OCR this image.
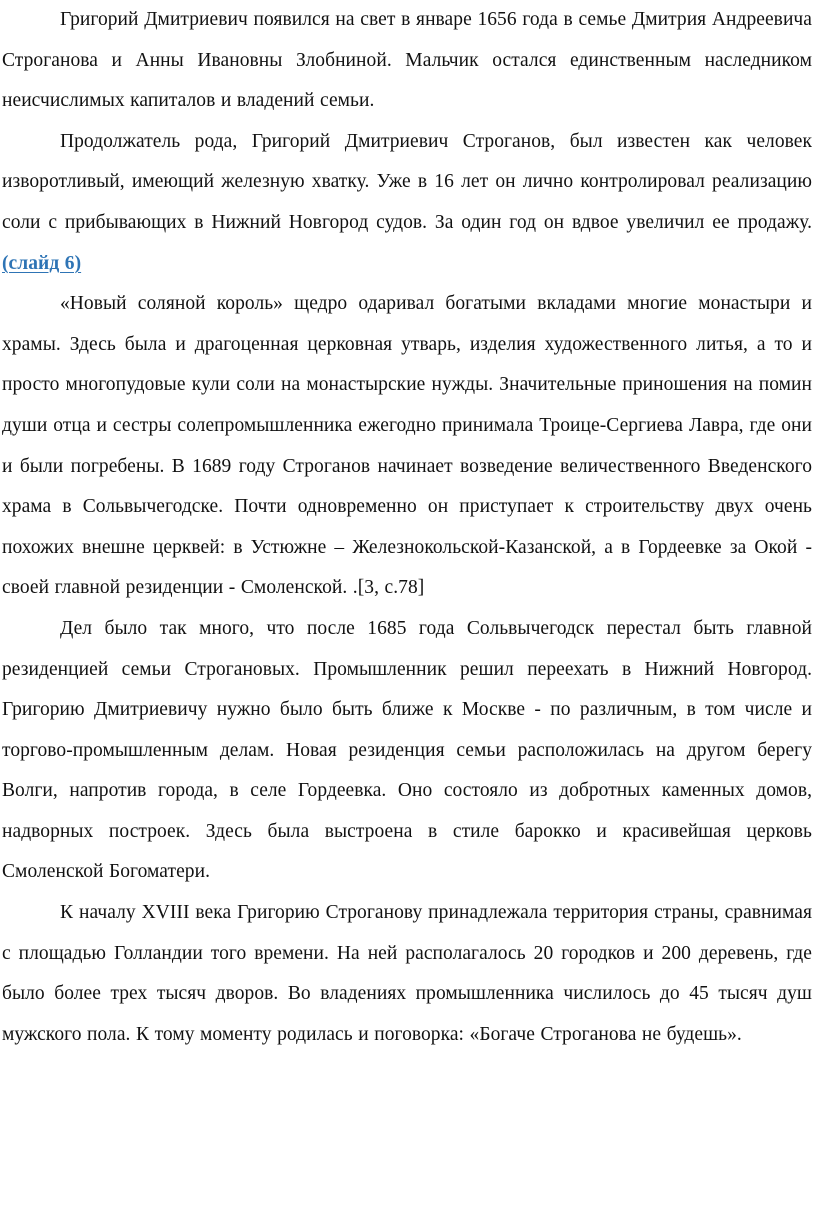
Григорий Дмитриевич появился на свет в январе 1656 года в семье Дмитрия Андреевича Строганова и Анны Ивановны Злобниной. Мальчик остался единственным наследником неисчислимых капиталов и владений семьи.

Продолжатель рода, Григорий Дмитриевич Строганов, был известен как человек изворотливый, имеющий железную хватку. Уже в 16 лет он лично контролировал реализацию соли с прибывающих в Нижний Новгород судов. За один год он вдвое увеличил ее продажу. (слайд 6)

«Новый соляной король» щедро одаривал богатыми вкладами многие монастыри и храмы. Здесь была и драгоценная церковная утварь, изделия художественного литья, а то и просто многопудовые кули соли на монастырские нужды. Значительные приношения на помин души отца и сестры солепромышленника ежегодно принимала Троице-Сергиева Лавра, где они и были погребены. В 1689 году Строганов начинает возведение величественного Введенского храма в Сольвычегодске. Почти одновременно он приступает к строительству двух очень похожих внешне церквей: в Устюжне – Железнокольской-Казанской, а в Гордеевке за Окой - своей главной резиденции - Смоленской. .[3, с.78]

Дел было так много, что после 1685 года Сольвычегодск перестал быть главной резиденцией семьи Строгановых. Промышленник решил переехать в Нижний Новгород. Григорию Дмитриевичу нужно было быть ближе к Москве - по различным, в том числе и торгово-промышленным делам. Новая резиденция семьи расположилась на другом берегу Волги, напротив города, в селе Гордеевка. Оно состояло из добротных каменных домов, надворных построек. Здесь была выстроена в стиле барокко и красивейшая церковь Смоленской Богоматери.

К началу XVIII века Григорию Строганову принадлежала территория страны, сравнимая с площадью Голландии того времени. На ней располагалось 20 городков и 200 деревень, где было более трех тысяч дворов. Во владениях промышленника числилось до 45 тысяч душ мужского пола. К тому моменту родилась и поговорка: «Богаче Строганова не будешь».
